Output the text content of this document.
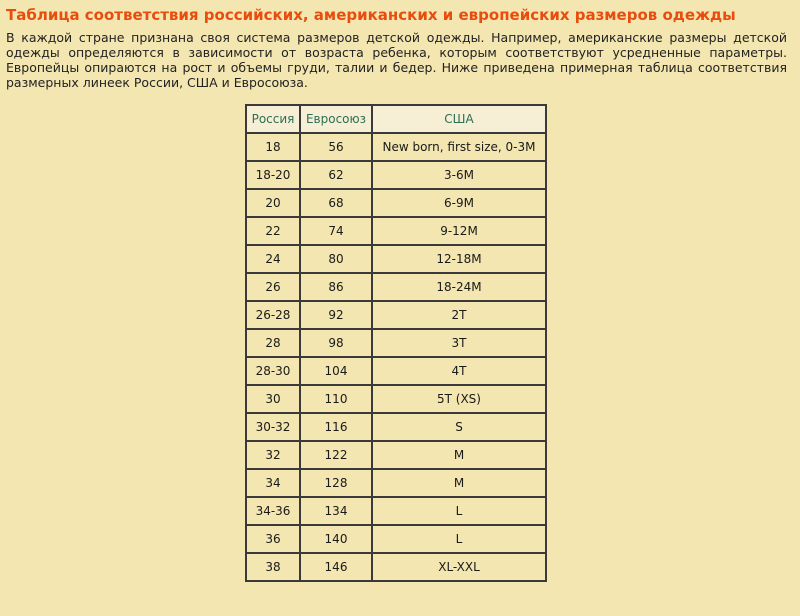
Таблица соответствия российских, американских и европейских размеров одежды

В каждой стране признана своя система размеров детской одежды. Например, американские размеры детской одежды определяются в зависимости от возраста ребенка, которым соответствуют усредненные параметры. Европейцы опираются на рост и объемы груди, талии и бедер. Ниже приведена примерная таблица соответствия размерных линеек России, США и Евросоюза.

Россия	Евросоюз	США
18	56	New born, first size, 0-3M
18-20	62	3-6M
20	68	6-9M
22	74	9-12M
24	80	12-18M
26	86	18-24M
26-28	92	2T
28	98	3T
28-30	104	4T
30	110	5T (XS)
30-32	116	S
32	122	M
34	128	M
34-36	134	L
36	140	L
38	146	XL-XXL
